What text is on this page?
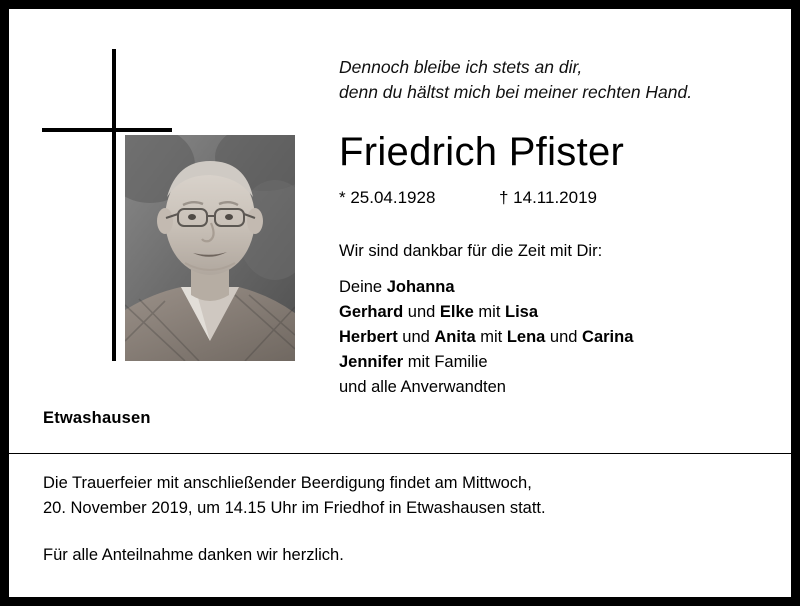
Etwashausen
Dennoch bleibe ich stets an dir,
denn du hältst mich bei meiner rechten Hand.
Friedrich Pfister
* 25.04.1928	† 14.11.2019
Wir sind dankbar für die Zeit mit Dir:
Deine Johanna
Gerhard und Elke mit Lisa
Herbert und Anita mit Lena und Carina
Jennifer mit Familie
und alle Anverwandten

Die Trauerfeier mit anschließender Beerdigung findet am Mittwoch,
20. November 2019, um 14.15 Uhr im Friedhof in Etwashausen statt.

Für alle Anteilnahme danken wir herzlich.
